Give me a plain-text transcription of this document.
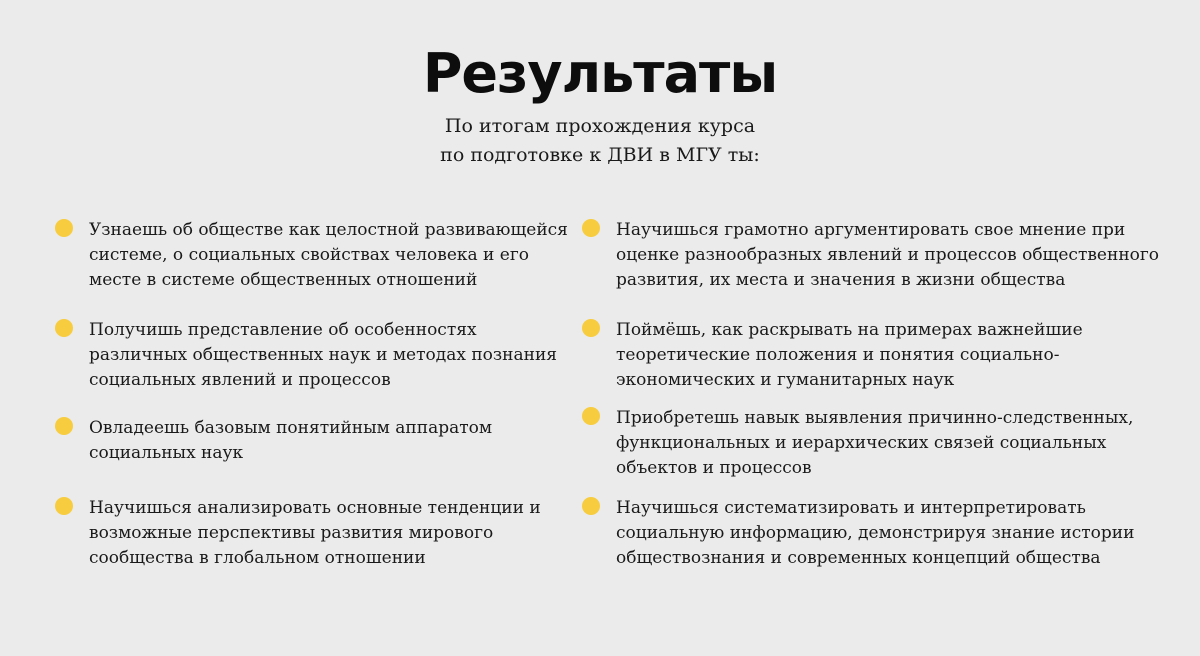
Результаты

По итогам прохождения курса
по подготовке к ДВИ в МГУ ты:

Узнаешь об обществе как целостной развивающейся
системе, о социальных свойствах человека и его
месте в системе общественных отношений
Получишь представление об особенностях
различных общественных наук и методах познания
социальных явлений и процессов
Овладеешь базовым понятийным аппаратом
социальных наук
Научишься анализировать основные тенденции и
возможные перспективы развития мирового
сообщества в глобальном отношении
Научишься грамотно аргументировать свое мнение при
оценке разнообразных явлений и процессов общественного
развития, их места и значения в жизни общества
Поймёшь, как раскрывать на примерах важнейшие
теоретические положения и понятия социально-
экономических и гуманитарных наук
Приобретешь навык выявления причинно-следственных,
функциональных и иерархических связей социальных
объектов и процессов
Научишься систематизировать и интерпретировать
социальную информацию, демонстрируя знание истории
обществознания и современных концепций общества
